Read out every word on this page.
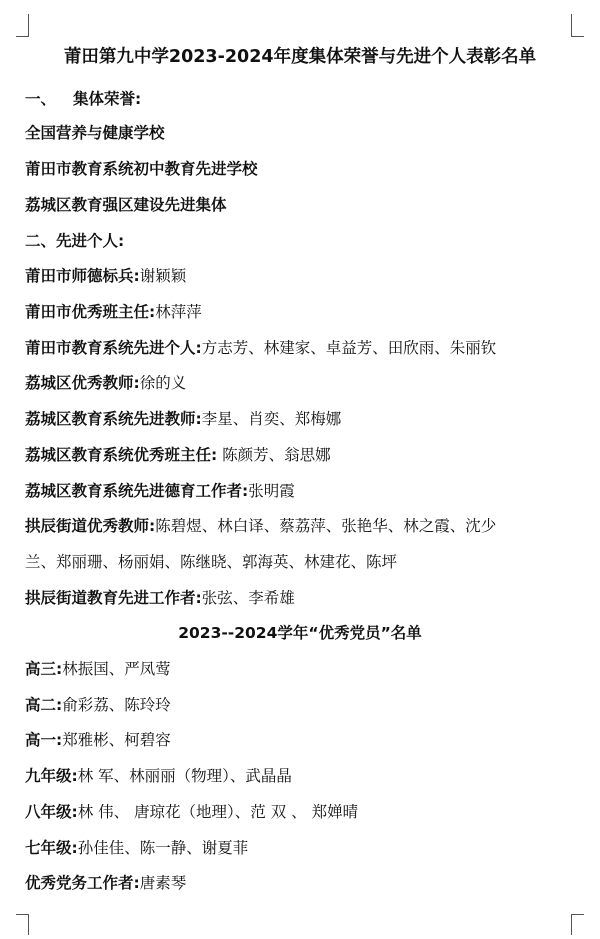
莆田第九中学2023-2024年度集体荣誉与先进个人表彰名单
一、 集体荣誉:
全国营养与健康学校
莆田市教育系统初中教育先进学校
荔城区教育强区建设先进集体
二、先进个人:
莆田市师德标兵:谢颖颖
莆田市优秀班主任:林萍萍
莆田市教育系统先进个人:方志芳、林建家、卓益芳、田欣雨、朱丽钦
荔城区优秀教师:徐的义
荔城区教育系统先进教师:李星、肖奕、郑梅娜
荔城区教育系统优秀班主任: 陈颜芳、翁思娜
荔城区教育系统先进德育工作者:张明霞
拱辰街道优秀教师:陈碧煜、林白译、蔡荔萍、张艳华、林之霞、沈少
兰、郑丽珊、杨丽娟、陈继晓、郭海英、林建花、陈坪
拱辰街道教育先进工作者:张弦、李希雄
2023--2024学年“优秀党员”名单
高三:林振国、严凤莺
高二:俞彩荔、陈玲玲
高一:郑雅彬、柯碧容
九年级:林 军、林丽丽（物理）、武晶晶
八年级:林 伟、 唐琼花（地理）、范 双 、 郑婵晴
七年级:孙佳佳、陈一静、谢夏菲
优秀党务工作者:唐素琴
